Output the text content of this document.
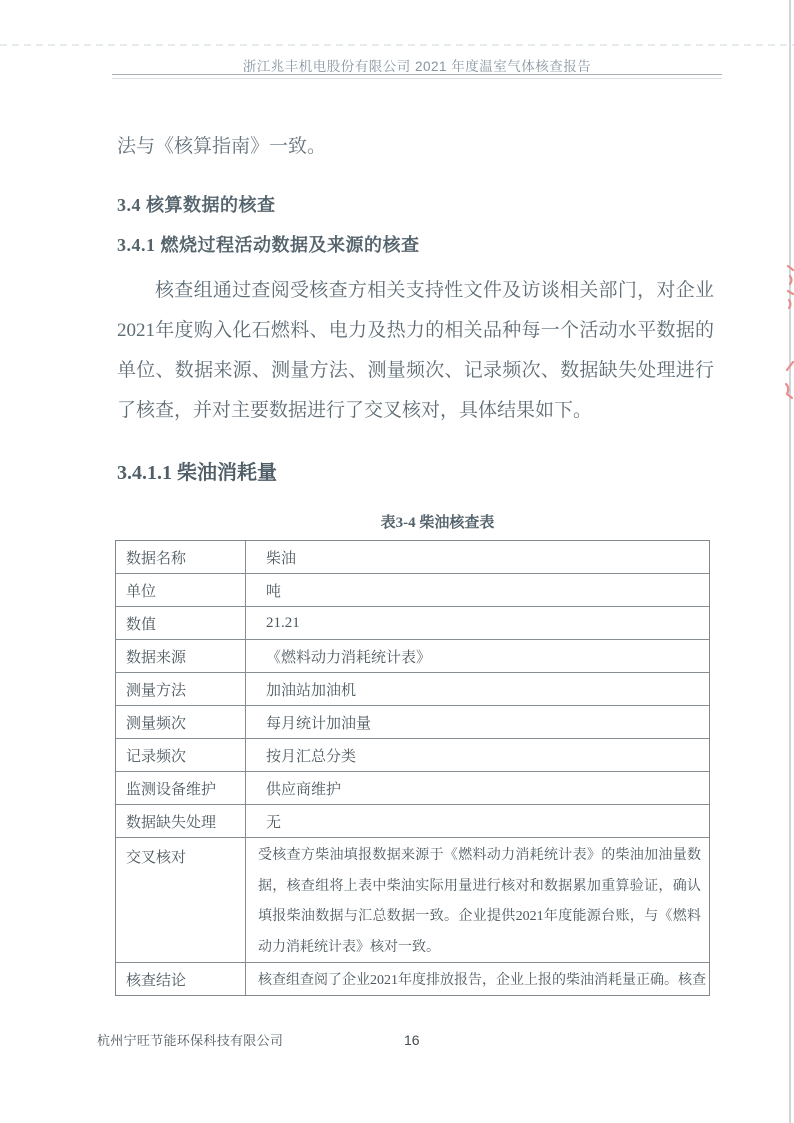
浙江兆丰机电股份有限公司 2021 年度温室气体核查报告
法与《核算指南》一致。
3.4 核算数据的核查
3.4.1 燃烧过程活动数据及来源的核查
核查组通过查阅受核查方相关支持性文件及访谈相关部门，对企业2021年度购入化石燃料、电力及热力的相关品种每一个活动水平数据的单位、数据来源、测量方法、测量频次、记录频次、数据缺失处理进行了核查，并对主要数据进行了交叉核对，具体结果如下。
3.4.1.1 柴油消耗量
表3-4 柴油核查表
数据名称	柴油
单位	吨
数值	21.21
数据来源	《燃料动力消耗统计表》
测量方法	加油站加油机
测量频次	每月统计加油量
记录频次	按月汇总分类
监测设备维护	供应商维护
数据缺失处理	无
交叉核对	受核查方柴油填报数据来源于《燃料动力消耗统计表》的柴油加油量数据，核查组将上表中柴油实际用量进行核对和数据累加重算验证，确认填报柴油数据与汇总数据一致。企业提供2021年度能源台账，与《燃料动力消耗统计表》核对一致。
核查结论	核查组查阅了企业2021年度排放报告，企业上报的柴油消耗量正确。核查
杭州宁旺节能环保科技有限公司	16
